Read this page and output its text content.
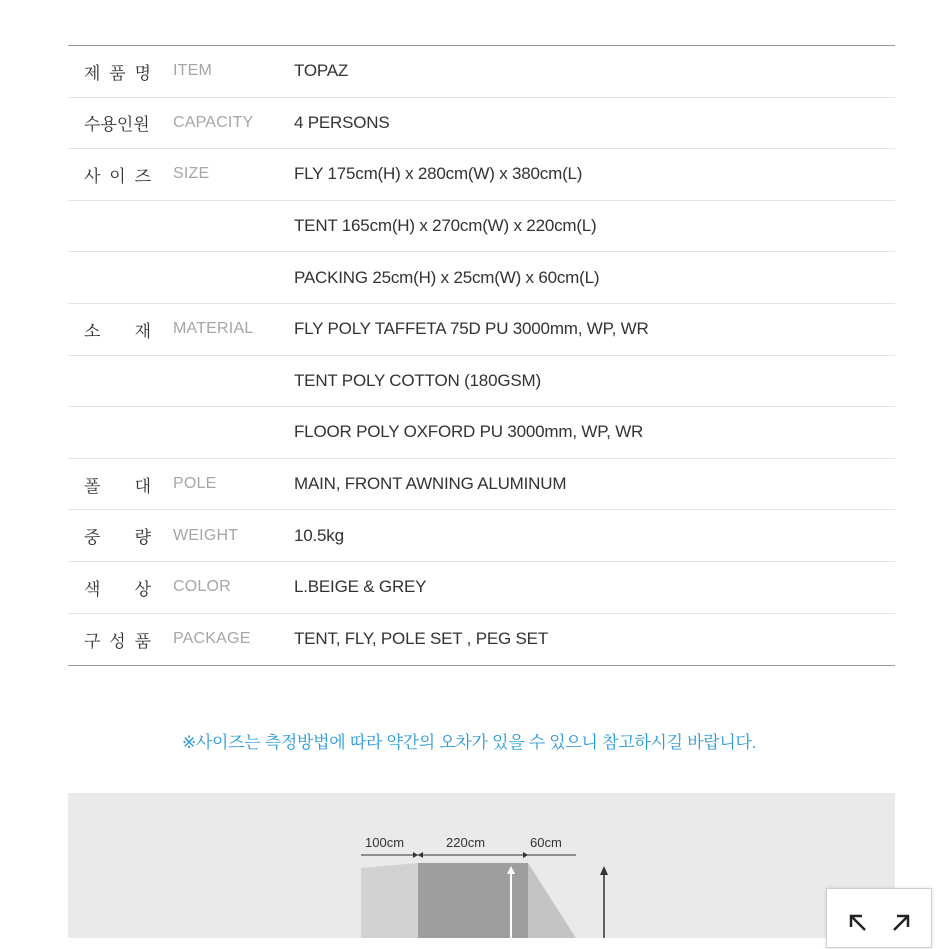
제 품 명	ITEM	TOPAZ
수용인원	CAPACITY	4 PERSONS
사 이 즈	SIZE	FLY 175cm(H) x 280cm(W) x 380cm(L)
TENT 165cm(H) x 270cm(W) x 220cm(L)
PACKING 25cm(H) x 25cm(W) x 60cm(L)
소 재	MATERIAL	FLY POLY TAFFETA 75D PU 3000mm, WP, WR
TENT POLY COTTON (180GSM)
FLOOR POLY OXFORD PU 3000mm, WP, WR
폴 대	POLE	MAIN, FRONT AWNING ALUMINUM
중 량	WEIGHT	10.5kg
색 상	COLOR	L.BEIGE & GREY
구 성 품	PACKAGE	TENT, FLY, POLE SET , PEG SET
※사이즈는 측정방법에 따라 약간의 오차가 있을 수 있으니 참고하시길 바랍니다.
100cm	220cm	60cm
